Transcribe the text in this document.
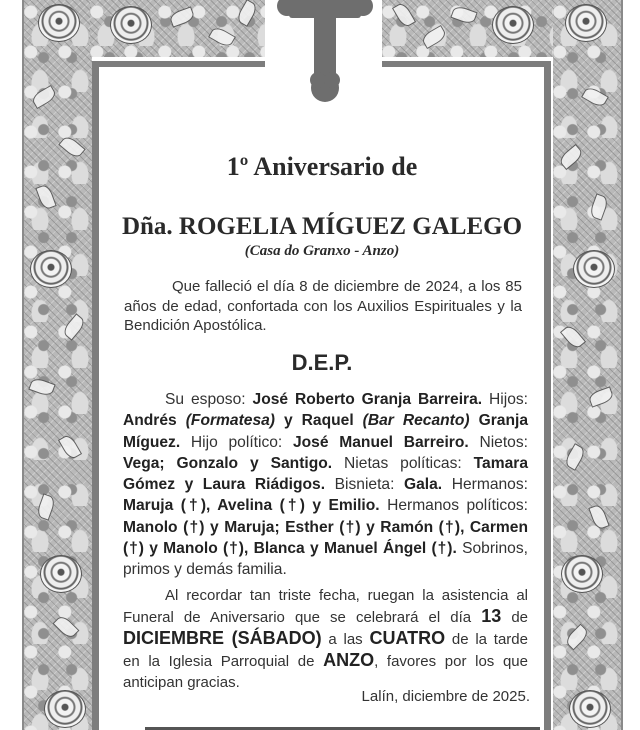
1º Aniversario de
Dña. ROGELIA MÍGUEZ GALEGO
(Casa do Granxo - Anzo)
Que falleció el día 8 de diciembre de 2024, a los 85 años de edad, confortada con los Auxilios Espirituales y la Bendición Apostólica.
D.E.P.
Su esposo: José Roberto Granja Barreira. Hijos: Andrés (Formatesa) y Raquel (Bar Recanto) Granja Míguez. Hijo político: José Manuel Barreiro. Nietos: Vega; Gonzalo y Santigo. Nietas políticas: Tamara Gómez y Laura Riádigos. Bisnieta: Gala. Hermanos: Maruja (†), Avelina (†) y Emilio. Hermanos políticos: Manolo (†) y Maruja; Esther (†) y Ramón (†), Carmen (†) y Manolo (†), Blanca y Manuel Ángel (†). Sobrinos, primos y demás familia.
Al recordar tan triste fecha, ruegan la asistencia al Funeral de Aniversario que se celebrará el día 13 de DICIEMBRE (SÁBADO) a las CUATRO de la tarde en la Iglesia Parroquial de ANZO, favores por los que anticipan gracias.
Lalín, diciembre de 2025.
